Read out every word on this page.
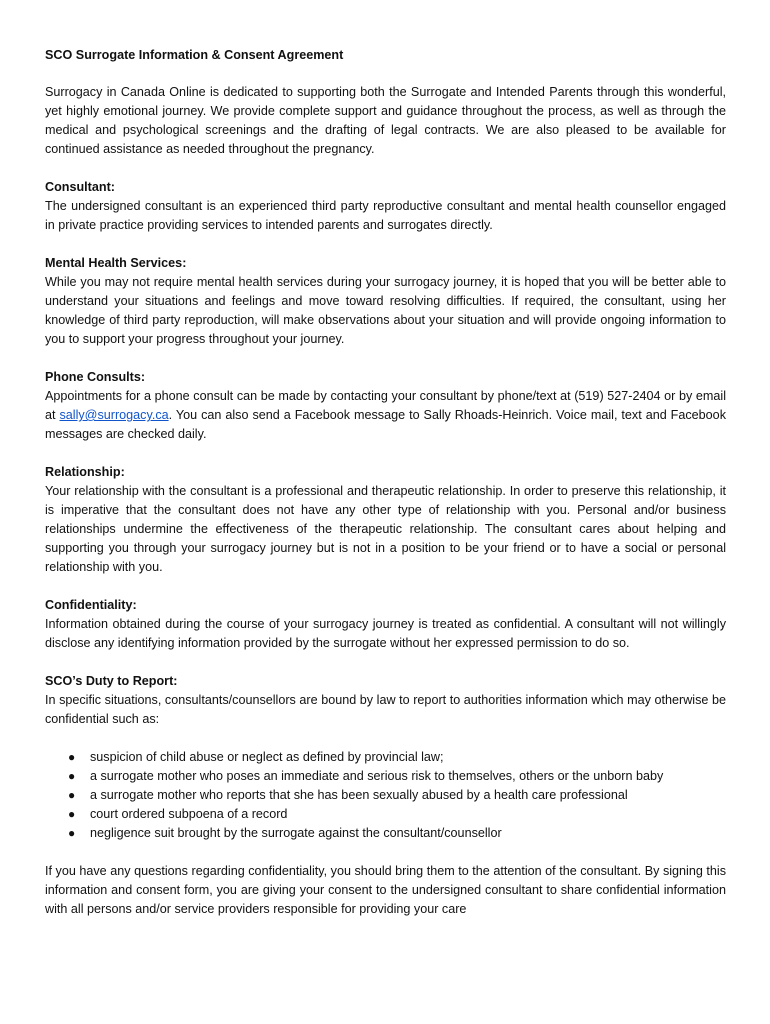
SCO Surrogate Information & Consent Agreement

Surrogacy in Canada Online is dedicated to supporting both the Surrogate and Intended Parents through this wonderful, yet highly emotional journey. We provide complete support and guidance throughout the process, as well as through the medical and psychological screenings and the drafting of legal contracts. We are also pleased to be available for continued assistance as needed throughout the pregnancy.

Consultant:
The undersigned consultant is an experienced third party reproductive consultant and mental health counsellor engaged in private practice providing services to intended parents and surrogates directly.
Mental Health Services:
While you may not require mental health services during your surrogacy journey, it is hoped that you will be better able to understand your situations and feelings and move toward resolving difficulties. If required, the consultant, using her knowledge of third party reproduction, will make observations about your situation and will provide ongoing information to you to support your progress throughout your journey.
Phone Consults:
Appointments for a phone consult can be made by contacting your consultant by phone/text at (519) 527-2404 or by email at sally@surrogacy.ca. You can also send a Facebook message to Sally Rhoads-Heinrich. Voice mail, text and Facebook messages are checked daily.
Relationship:
Your relationship with the consultant is a professional and therapeutic relationship. In order to preserve this relationship, it is imperative that the consultant does not have any other type of relationship with you. Personal and/or business relationships undermine the effectiveness of the therapeutic relationship. The consultant cares about helping and supporting you through your surrogacy journey but is not in a position to be your friend or to have a social or personal relationship with you.
Confidentiality:
Information obtained during the course of your surrogacy journey is treated as confidential. A consultant will not willingly disclose any identifying information provided by the surrogate without her expressed permission to do so.
SCO’s Duty to Report:
In specific situations, consultants/counsellors are bound by law to report to authorities information which may otherwise be confidential such as:
● suspicion of child abuse or neglect as defined by provincial law;
● a surrogate mother who poses an immediate and serious risk to themselves, others or the unborn baby
● a surrogate mother who reports that she has been sexually abused by a health care professional
● court ordered subpoena of a record
● negligence suit brought by the surrogate against the consultant/counsellor

If you have any questions regarding confidentiality, you should bring them to the attention of the consultant. By signing this information and consent form, you are giving your consent to the undersigned consultant to share confidential information with all persons and/or service providers responsible for providing your care
